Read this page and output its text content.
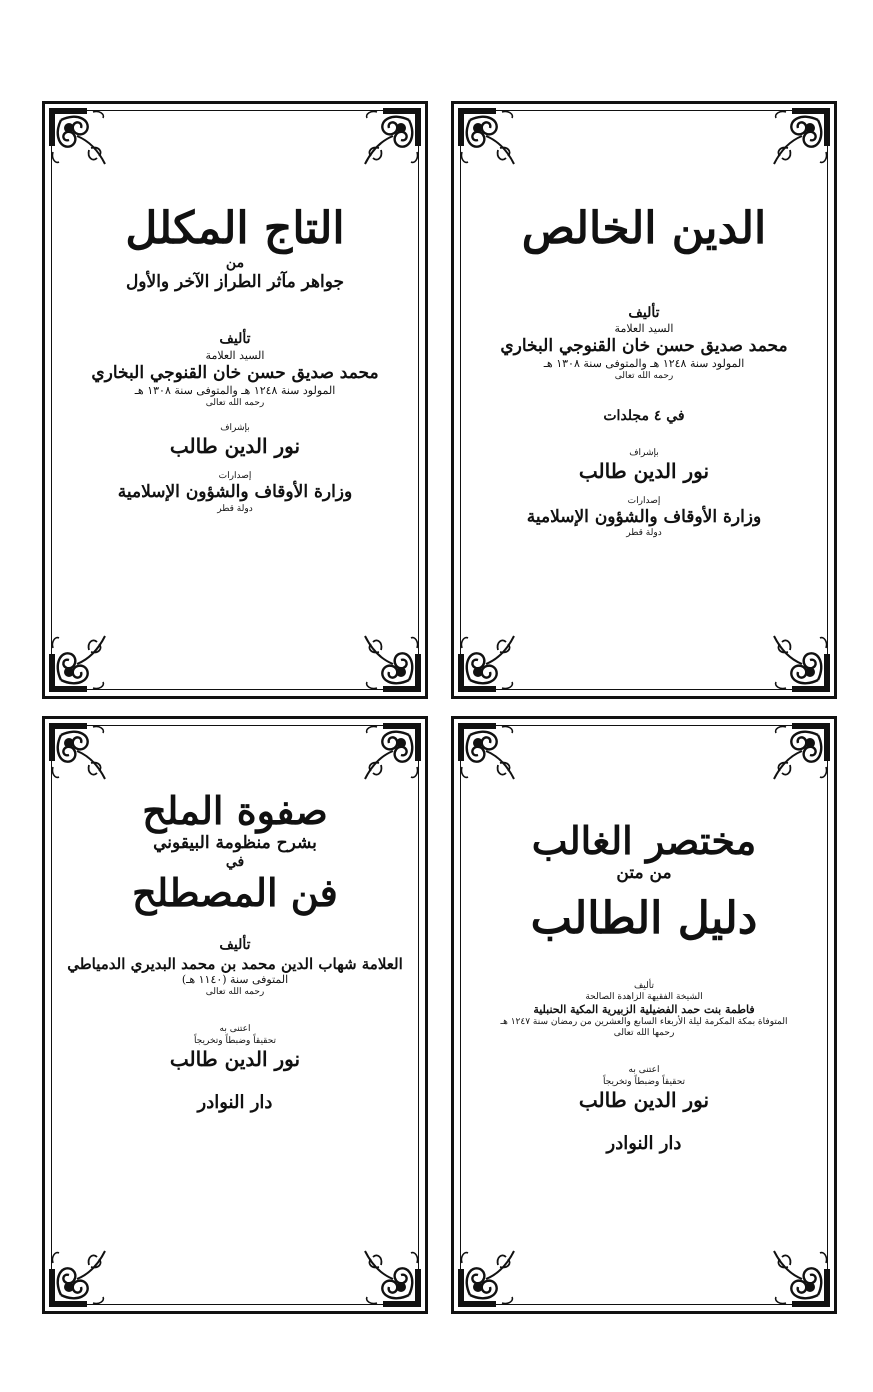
الدين الخالص
تأليف
السيد العلامة
محمد صديق حسن خان القنوجي البخاري
المولود سنة ١٢٤٨ هـ والمتوفى سنة ١٣٠٨ هـ
رحمه الله تعالى
في ٤ مجلدات
بإشراف
نور الدين طالب
إصدارات
وزارة الأوقاف والشؤون الإسلامية
دولة قطر
التاج المكلل
من
جواهر مآثر الطراز الآخر والأول
تأليف
السيد العلامة
محمد صديق حسن خان القنوجي البخاري
المولود سنة ١٢٤٨ هـ والمتوفى سنة ١٣٠٨ هـ
رحمه الله تعالى
بإشراف
نور الدين طالب
إصدارات
وزارة الأوقاف والشؤون الإسلامية
دولة قطر
مختصر الغالب
من متن
دليل الطالب
تأليف
الشيخة الفقيهة الزاهدة الصالحة
فاطمة بنت حمد الفضيلية الزبيرية المكية الحنبلية
المتوفاة بمكة المكرمة ليلة الأربعاء السابع والعشرين من رمضان سنة ١٢٤٧ هـ
رحمها الله تعالى
اعتنى به
تحقيقاً وضبطاً وتخريجاً
نور الدين طالب
دار النوادر
صفوة الملح
بشرح منظومة البيقوني
في
فن المصطلح
تأليف
العلامة شهاب الدين محمد بن محمد البديري الدمياطي
المتوفى سنة (١١٤٠ هـ)
رحمه الله تعالى
اعتنى به
تحقيقاً وضبطاً وتخريجاً
نور الدين طالب
دار النوادر
